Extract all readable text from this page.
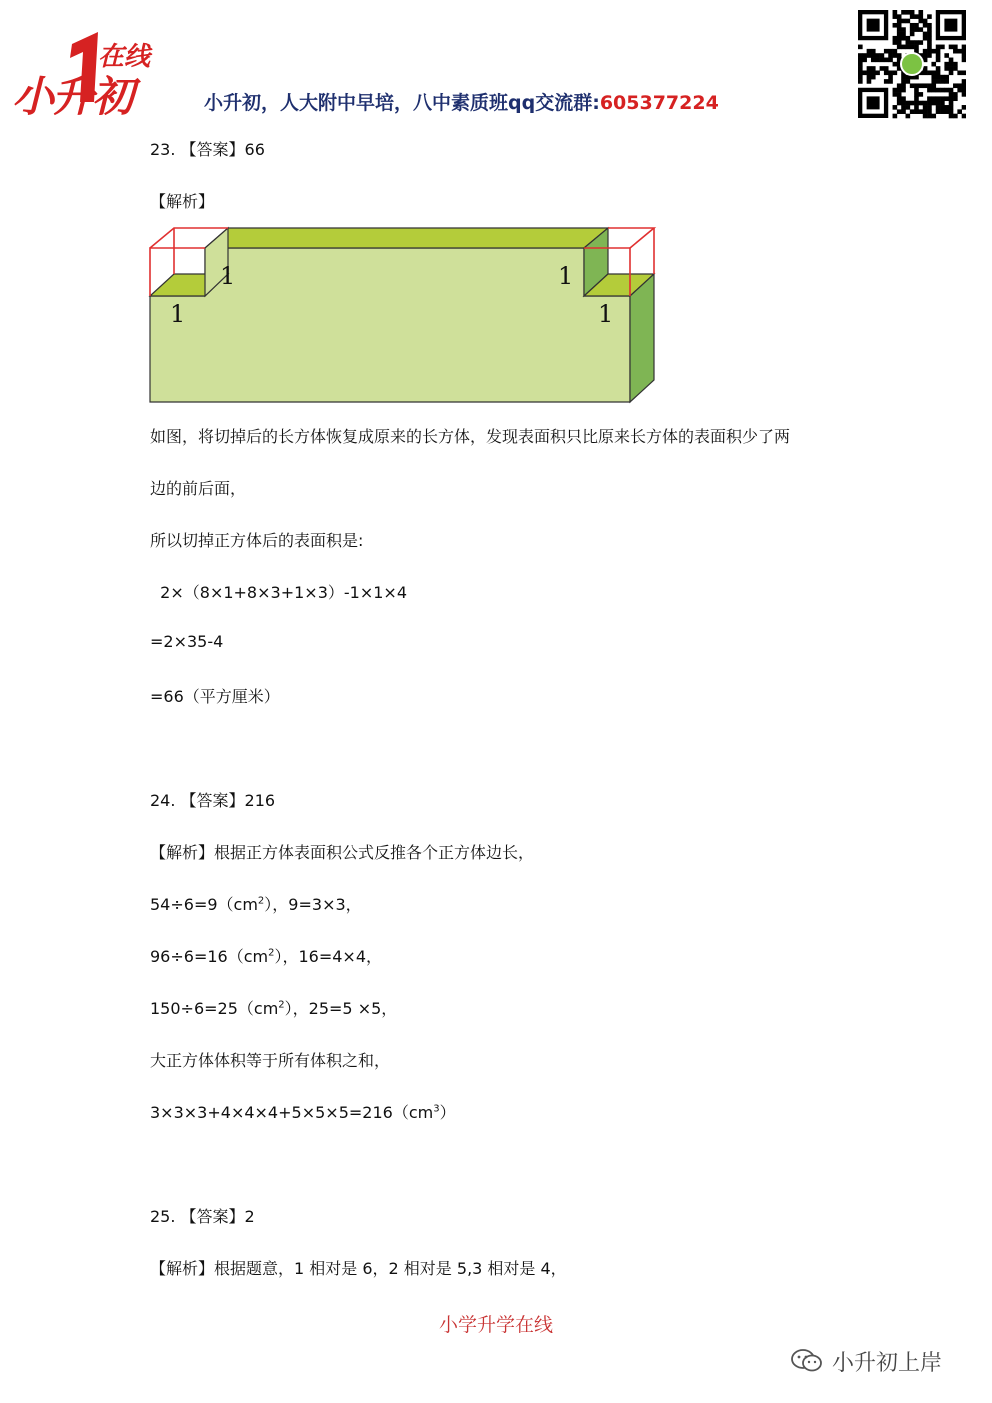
在线
小升初	小升初，人大附中早培，八中素质班qq交流群:605377224
23. 【答案】66
【解析】
1
1	1
1
如图，将切掉后的长方体恢复成原来的长方体，发现表面积只比原来长方体的表面积少了两
边的前后面，
所以切掉正方体后的表面积是:
2×（8×1+8×3+1×3）-1×1×4
=2×35-4
=66（平方厘米）
24. 【答案】216
【解析】根据正方体表面积公式反推各个正方体边长，
$54\div 6=9(cm^2)$，9=3×3，
$96\div 6=16(cm^2)$，16=4×4，
$150\div 6=25(cm^2)$，25=5 ×5，
大正方体体积等于所有体积之和，
$3\times 3\times 3+4\times 4\times 4+5\times 5\times 5=216(cm^3)$
25. 【答案】2
【解析】根据题意，1 相对是 6，2 相对是 5,3 相对是 4，
小学升学在线
小升初上岸
